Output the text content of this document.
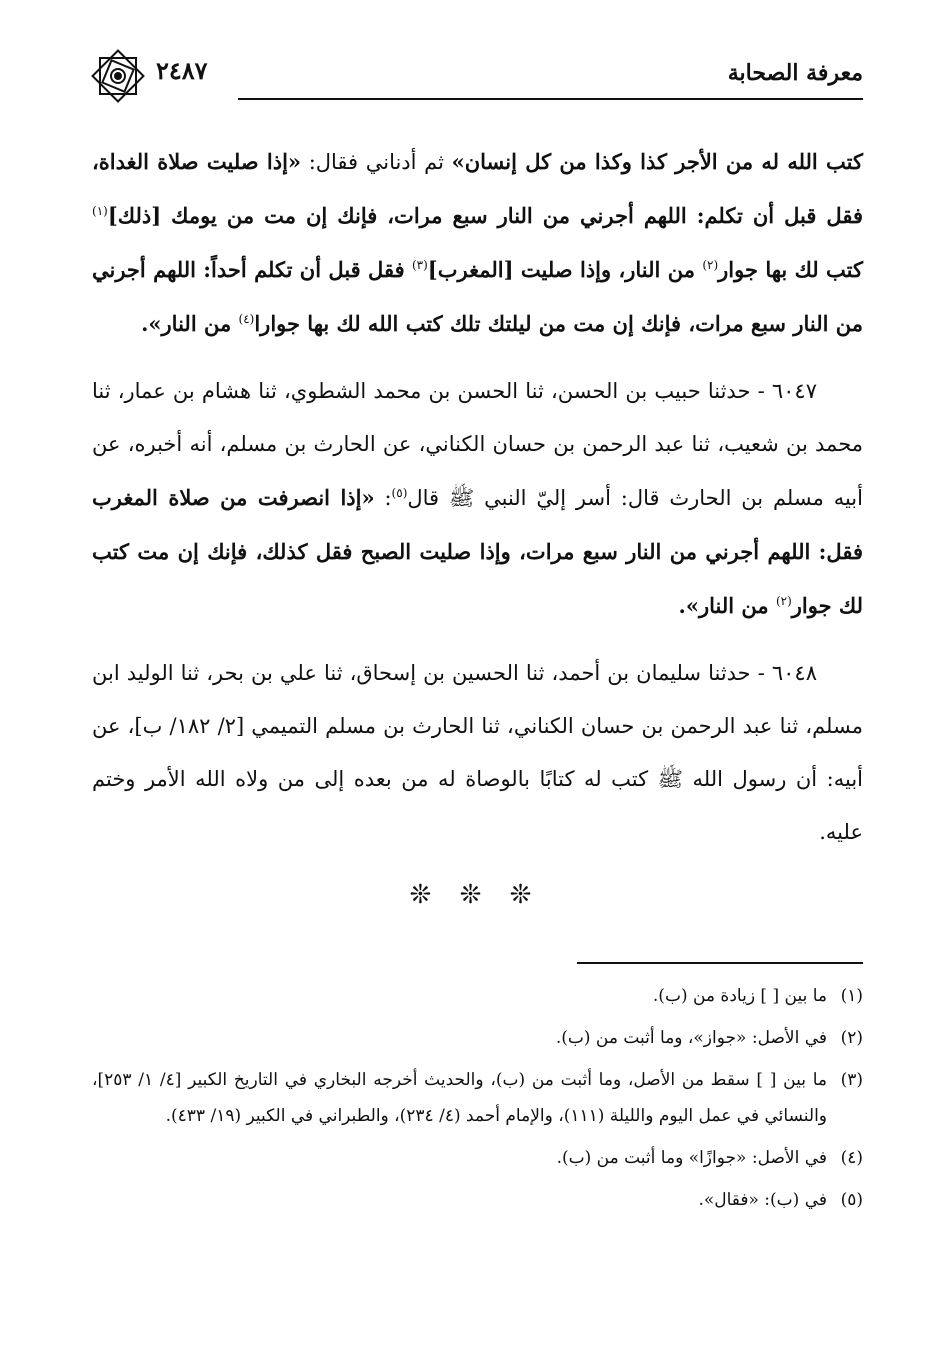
معرفة الصحابة
٢٤٨٧

كتب الله له من الأجر كذا وكذا من كل إنسان» ثم أدناني فقال: «إذا صليت صلاة الغداة، فقل قبل أن تكلم: اللهم أجرني من النار سبع مرات، فإنك إن مت من يومك [ذلك]$^{(١)}$ كتب لك بها جوار$^{(٢)}$ من النار، وإذا صليت [المغرب]$^{(٣)}$ فقل قبل أن تكلم أحداً: اللهم أجرني من النار سبع مرات، فإنك إن مت من ليلتك تلك كتب الله لك بها جوارا$^{(٤)}$ من النار».

٦٠٤٧ - حدثنا حبيب بن الحسن، ثنا الحسن بن محمد الشطوي، ثنا هشام بن عمار، ثنا محمد بن شعيب، ثنا عبد الرحمن بن حسان الكناني، عن الحارث بن مسلم، أنه أخبره، عن أبيه مسلم بن الحارث قال: أسر إليّ النبي ﷺ قال$^{(٥)}$: «إذا انصرفت من صلاة المغرب فقل: اللهم أجرني من النار سبع مرات، وإذا صليت الصبح فقل كذلك، فإنك إن مت كتب لك جوار$^{(٢)}$ من النار».

٦٠٤٨ - حدثنا سليمان بن أحمد، ثنا الحسين بن إسحاق، ثنا علي بن بحر، ثنا الوليد ابن مسلم، ثنا عبد الرحمن بن حسان الكناني، ثنا الحارث بن مسلم التميمي [٢/ ١٨٢/ ب]، عن أبيه: أن رسول الله ﷺ كتب له كتابًا بالوصاة له من بعده إلى من ولاه الله الأمر وختم عليه.

❊ ❊ ❊

(١)
ما بين [ ] زيادة من (ب).

(٢)
في الأصل: «جواز»، وما أثبت من (ب).

(٣)
ما بين [ ] سقط من الأصل، وما أثبت من (ب)، والحديث أخرجه البخاري في التاريخ الكبير [٤/ ١/ ٢٥٣]، والنسائي في عمل اليوم والليلة (١١١)، والإمام أحمد (٤/ ٢٣٤)، والطبراني في الكبير (١٩/ ٤٣٣).

(٤)
في الأصل: «جوازًا» وما أثبت من (ب).

(٥)
في (ب): «فقال».
